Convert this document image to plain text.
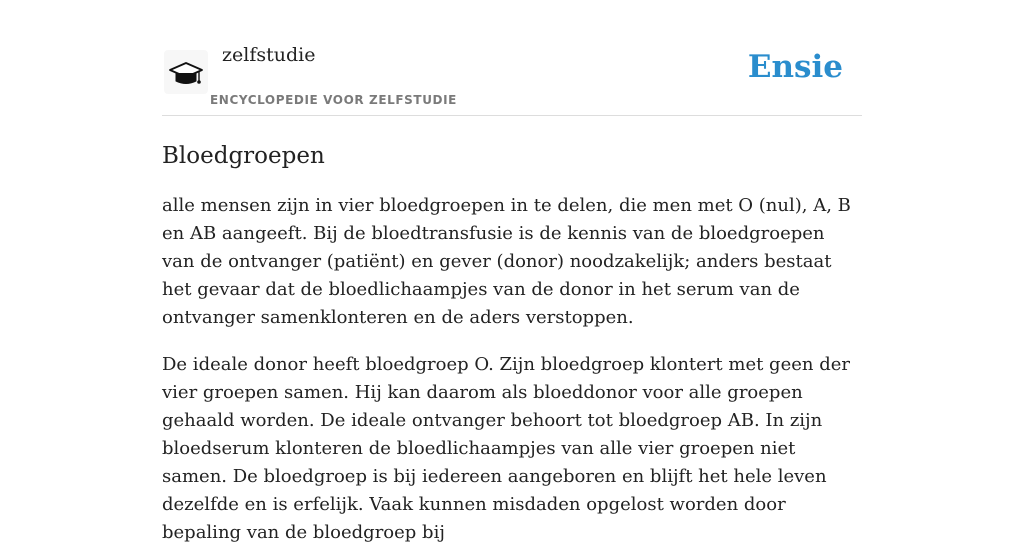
zelfstudie
ENCYCLOPEDIE VOOR ZELFSTUDIE
Ensie
Bloedgroepen

alle mensen zijn in vier bloedgroepen in te delen, die men met O (nul), A, B en AB aangeeft. Bij de bloedtransfusie is de kennis van de bloedgroepen van de ontvanger (patiënt) en gever (donor) noodzakelijk; anders bestaat het gevaar dat de bloedlichaampjes van de donor in het serum van de ontvanger samenklonteren en de aders verstoppen.

De ideale donor heeft bloedgroep O. Zijn bloedgroep klontert met geen der vier groepen samen. Hij kan daarom als bloeddonor voor alle groepen gehaald worden. De ideale ontvanger behoort tot bloedgroep AB. In zijn bloedserum klonteren de bloedlichaampjes van alle vier groepen niet samen. De bloedgroep is bij iedereen aangeboren en blijft het hele leven dezelfde en is erfelijk. Vaak kunnen misdaden opgelost worden door bepaling van de bloedgroep bij
